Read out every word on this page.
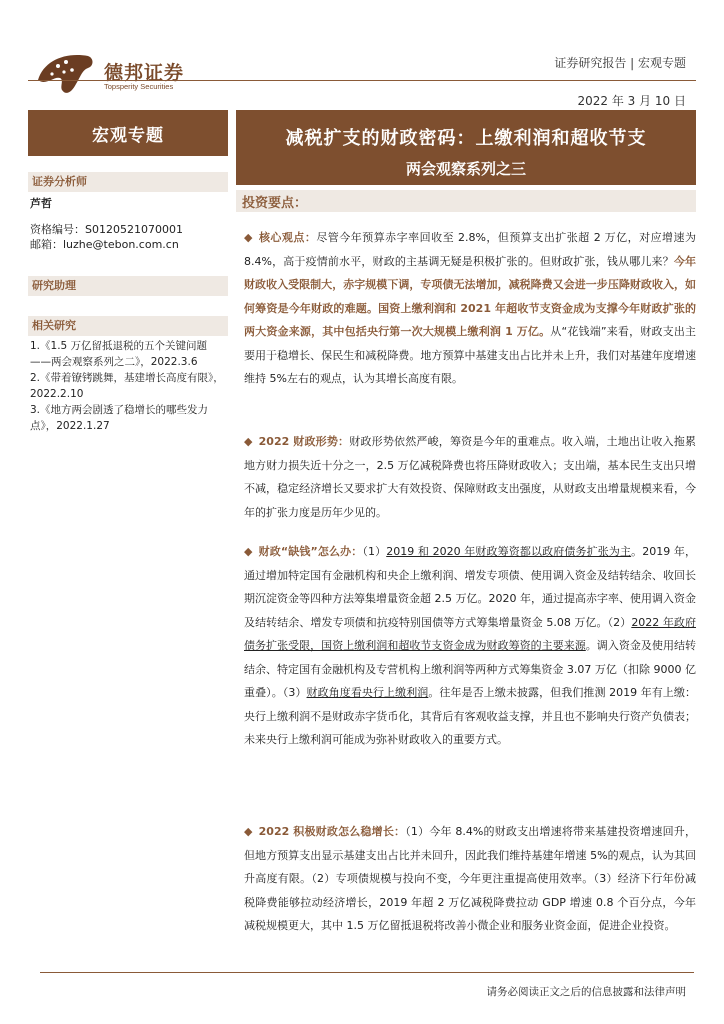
德邦证券
Topsperity Securities
证券研究报告 | 宏观专题
2022 年 3 月 10 日
宏观专题	减税扩支的财政密码：上缴利润和超收节支
两会观察系列之三
证券分析师
芦哲
资格编号：S0120521070001
邮箱：luzhe@tebon.com.cn
研究助理
相关研究

1.《1.5 万亿留抵退税的五个关键问题——两会观察系列之二》，2022.3.6

2.《带着镣铐跳舞，基建增长高度有限》，2022.2.10

3.《地方两会剧透了稳增长的哪些发力点》，2022.1.27

投资要点：
◆ 核心观点：尽管今年预算赤字率回收至 2.8%，但预算支出扩张超 2 万亿，对应增速为 8.4%，高于疫情前水平，财政的主基调无疑是积极扩张的。但财政扩张，钱从哪儿来？今年财政收入受限制大，赤字规模下调，专项债无法增加，减税降费又会进一步压降财政收入，如何筹资是今年财政的难题。国资上缴利润和 2021 年超收节支资金成为支撑今年财政扩张的两大资金来源，其中包括央行第一次大规模上缴利润 1 万亿。从“花钱端”来看，财政支出主要用于稳增长、保民生和减税降费。地方预算中基建支出占比并未上升，我们对基建年度增速维持 5%左右的观点，认为其增长高度有限。
◆ 2022 财政形势：财政形势依然严峻，筹资是今年的重难点。收入端，土地出让收入拖累地方财力损失近十分之一，2.5 万亿减税降费也将压降财政收入；支出端，基本民生支出只增不减，稳定经济增长又要求扩大有效投资、保障财政支出强度，从财政支出增量规模来看，今年的扩张力度是历年少见的。
◆ 财政“缺钱”怎么办：（1）2019 和 2020 年财政筹资都以政府债务扩张为主。2019 年，通过增加特定国有金融机构和央企上缴利润、增发专项债、使用调入资金及结转结余、收回长期沉淀资金等四种方法筹集增量资金超 2.5 万亿。2020 年，通过提高赤字率、使用调入资金及结转结余、增发专项债和抗疫特别国债等方式筹集增量资金 5.08 万亿。（2）2022 年政府债务扩张受限，国资上缴利润和超收节支资金成为财政筹资的主要来源。调入资金及使用结转结余、特定国有金融机构及专营机构上缴利润等两种方式筹集资金 3.07 万亿（扣除 9000 亿重叠）。（3）财政角度看央行上缴利润。往年是否上缴未披露，但我们推测 2019 年有上缴：央行上缴利润不是财政赤字货币化，其背后有客观收益支撑，并且也不影响央行资产负债表；未来央行上缴利润可能成为弥补财政收入的重要方式。
◆ 2022 积极财政怎么稳增长：（1）今年 8.4%的财政支出增速将带来基建投资增速回升，但地方预算支出显示基建支出占比并未回升，因此我们维持基建年增速 5%的观点，认为其回升高度有限。（2）专项债规模与投向不变，今年更注重提高使用效率。（3）经济下行年份减税降费能够拉动经济增长，2019 年超 2 万亿减税降费拉动 GDP 增速 0.8 个百分点，今年减税规模更大，其中 1.5 万亿留抵退税将改善小微企业和服务业资金面，促进企业投资。
请务必阅读正文之后的信息披露和法律声明
